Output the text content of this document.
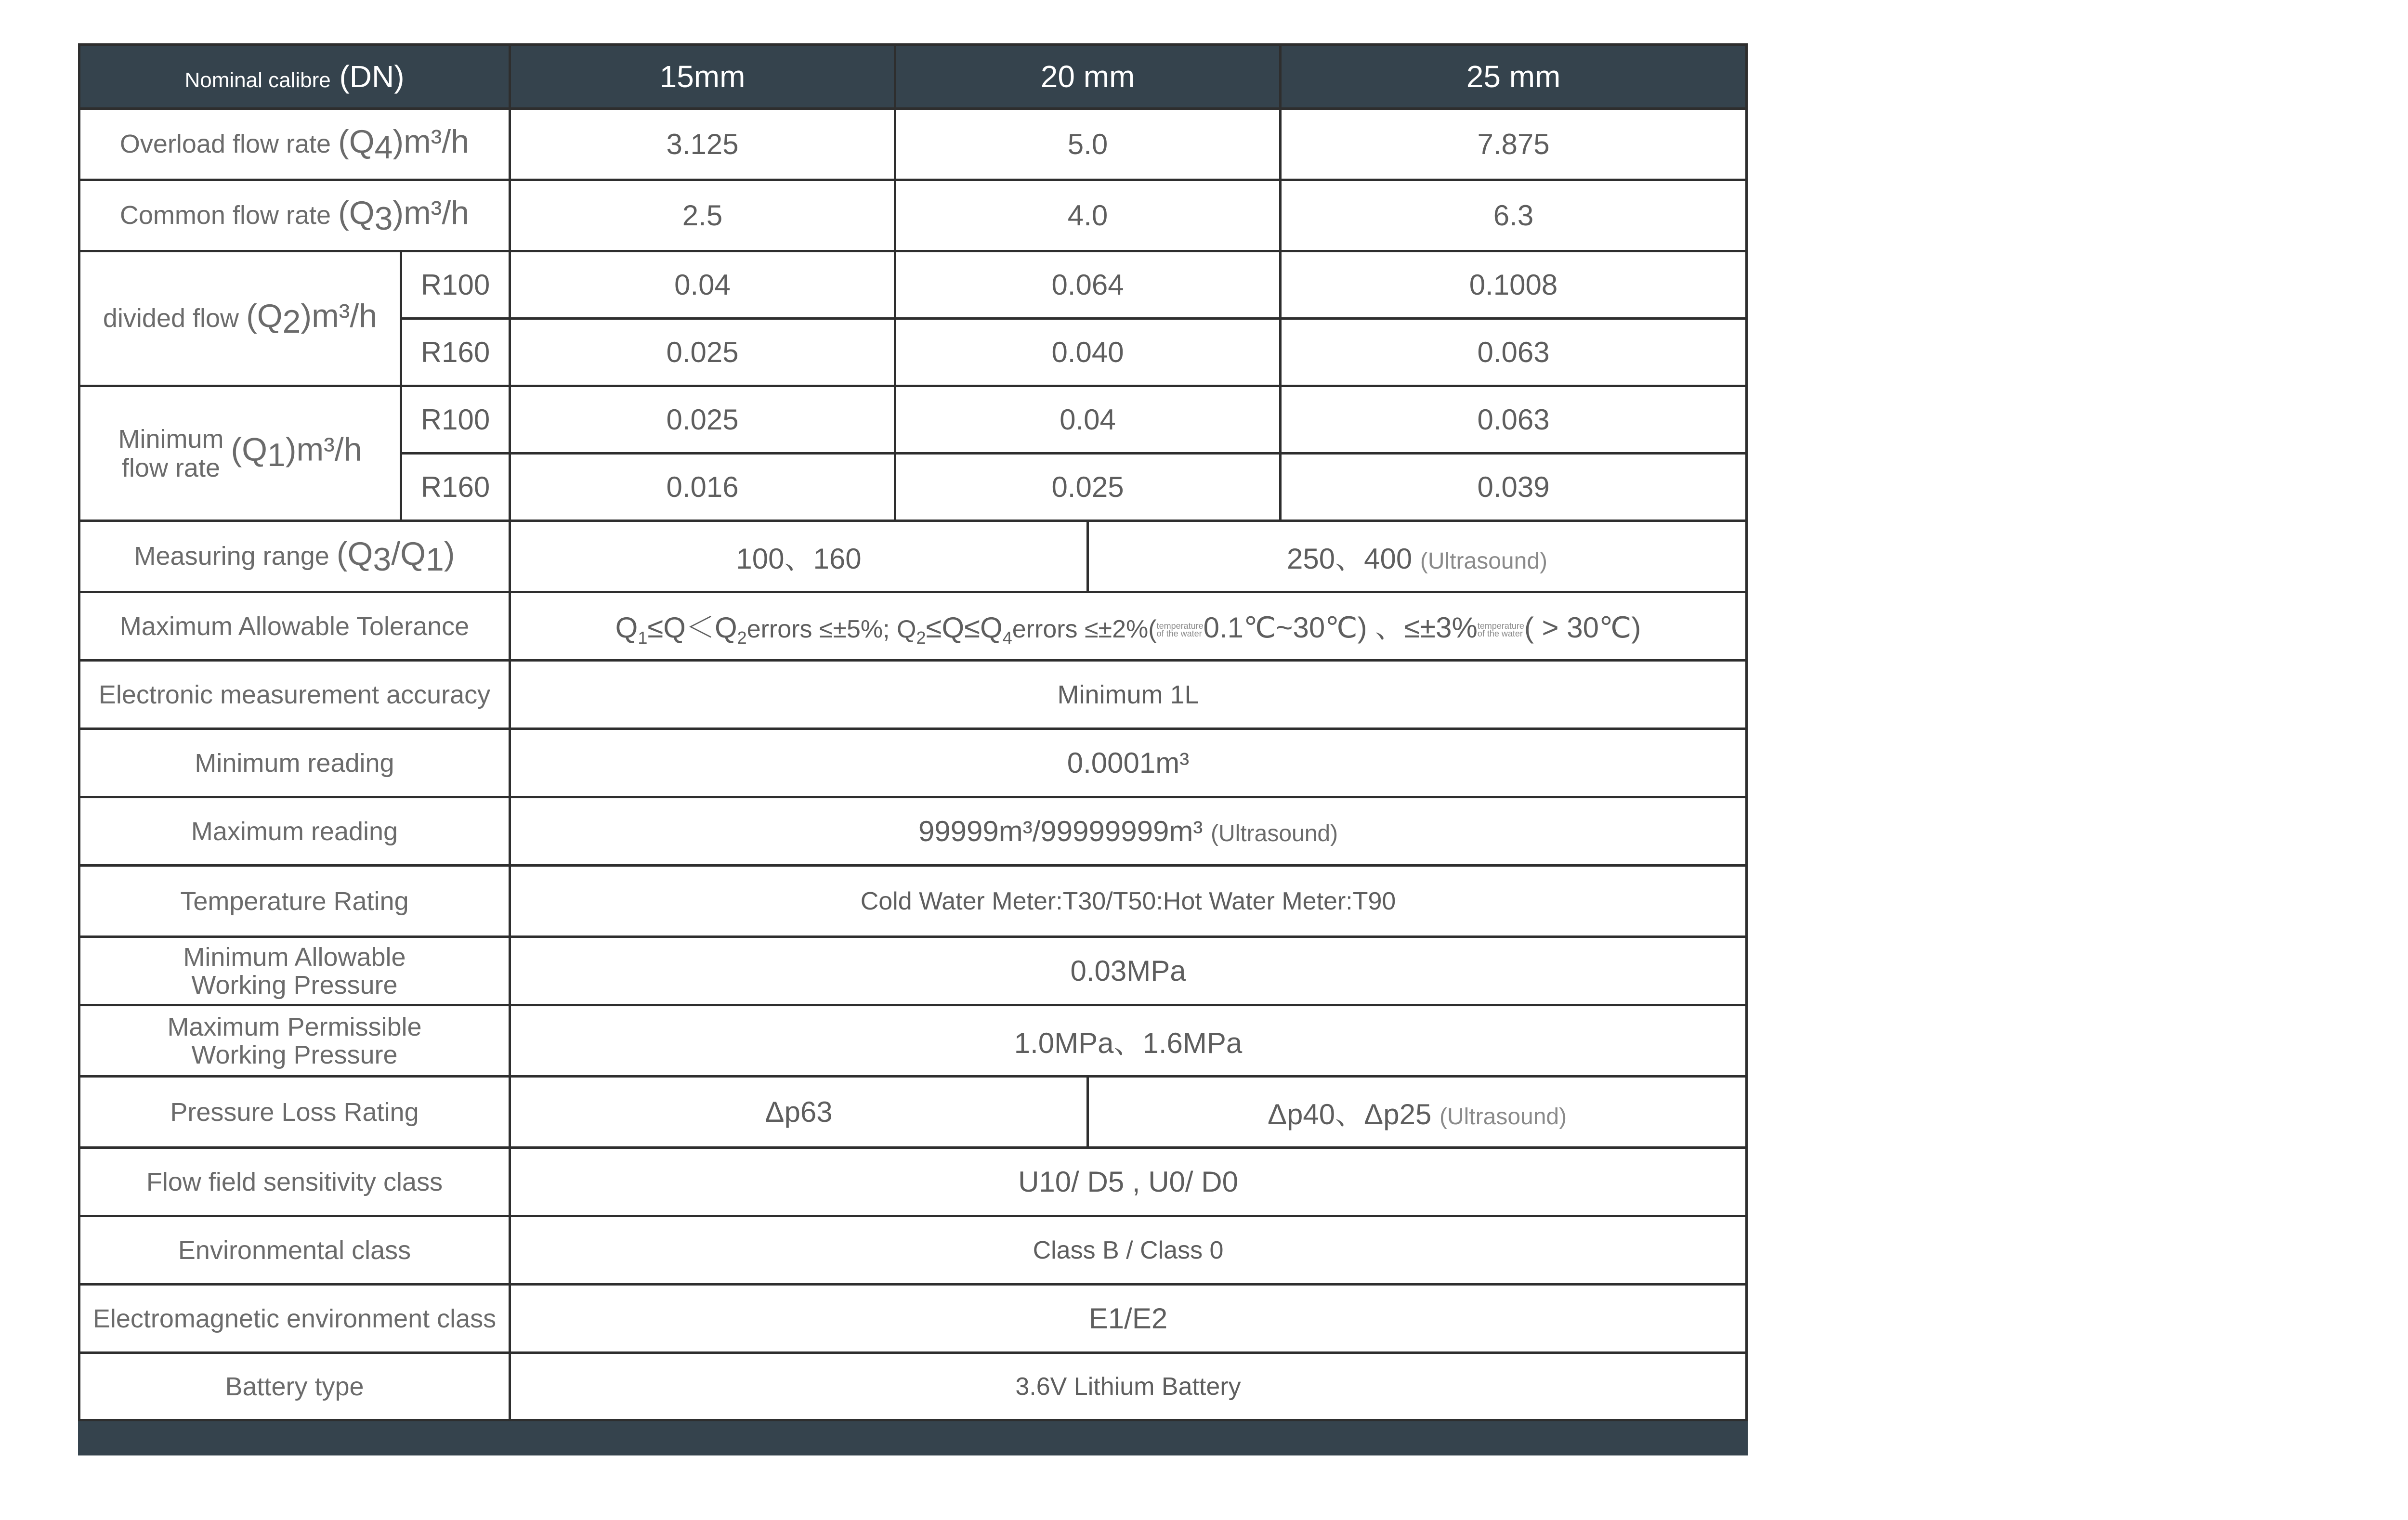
Nominal calibre (DN)		15mm	20 mm		25 mm
Overload flow rate $(Q_4)m^3/h$		3.125	5.0		7.875
Common flow rate $(Q_3)m^3/h$		2.5	4.0		6.3
divided flow $(Q_2)m^3/h$	R100	0.04	0.064		0.1008
	R160	0.025	0.040		0.063
Minimum
flow rate $(Q_1)m^3/h$	R100	0.025	0.04		0.063
	R160	0.016	0.025		0.039
Measuring range $(Q_3/Q_1)$		100、160		250、400 (Ultrasound)	
Maximum Allowable Tolerance		$Q_1\le Q<Q_2errors \le\pm 5\%$; $Q_2\le Q\le Q_4errors$ ≤±2%(temperature
of the water0.1℃~30℃) 、≤±3%temperature
of the water( > 30℃)			
Electronic measurement accuracy		Minimum 1L			
Minimum reading		0.0001m³			
Maximum reading		99999m³/99999999m³ (Ultrasound)			
Temperature Rating		Cold Water Meter:T30/T50:Hot Water Meter:T90			
Minimum Allowable
Working Pressure		0.03MPa			
Maximum Permissible
Working Pressure		1.0MPa、1.6MPa			
Pressure Loss Rating		Δp63		Δp40、Δp25 (Ultrasound)	
Flow field sensitivity class		U10/ D5 , U0/ D0			
Environmental class		Class B / Class 0			
Electromagnetic environment class		E1/E2			
Battery type		3.6V Lithium Battery			
